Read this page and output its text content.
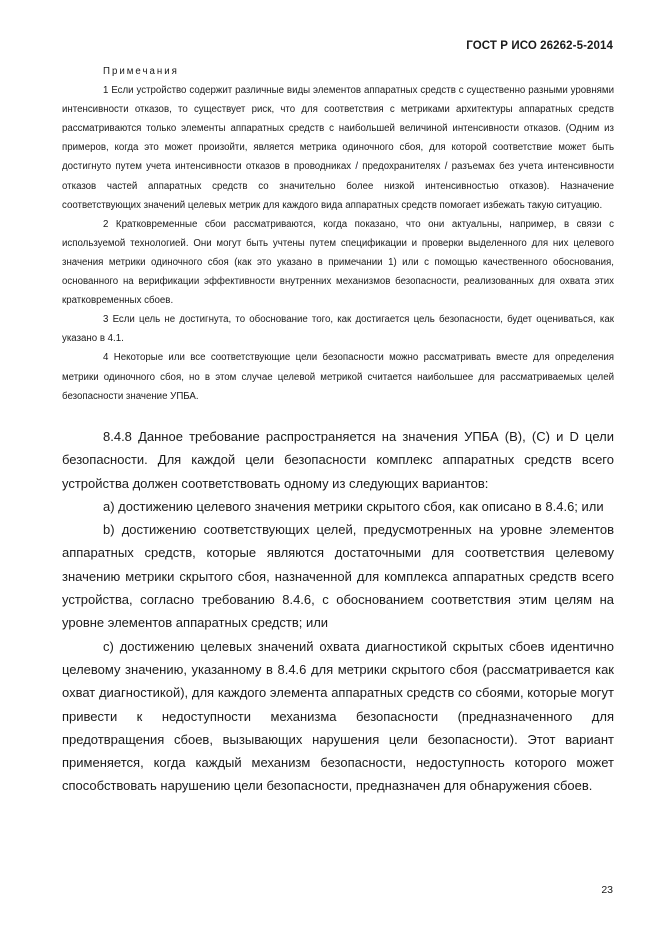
ГОСТ Р ИСО 26262-5-2014

Примечания

1 Если устройство содержит различные виды элементов аппаратных средств с существенно разными уровнями интенсивности отказов, то существует риск, что для соответствия с метриками архитектуры аппаратных средств рассматриваются только элементы аппаратных средств с наибольшей величиной интенсивности отказов. (Одним из примеров, когда это может произойти, является метрика одиночного сбоя, для которой соответствие может быть достигнуто путем учета интенсивности отказов в проводниках / предохранителях / разъемах без учета интенсивности отказов частей аппаратных средств со значительно более низкой интенсивностью отказов). Назначение соответствующих значений целевых метрик для каждого вида аппаратных средств помогает избежать такую ситуацию.

2 Кратковременные сбои рассматриваются, когда показано, что они актуальны, например, в связи с используемой технологией. Они могут быть учтены путем спецификации и проверки выделенного для них целевого значения метрики одиночного сбоя (как это указано в примечании 1) или с помощью качественного обоснования, основанного на верификации эффективности внутренних механизмов безопасности, реализованных для охвата этих кратковременных сбоев.

3 Если цель не достигнута, то обоснование того, как достигается цель безопасности, будет оцениваться, как указано в 4.1.

4 Некоторые или все соответствующие цели безопасности можно рассматривать вместе для определения метрики одиночного сбоя, но в этом случае целевой метрикой считается наибольшее для рассматриваемых целей безопасности значение УПБА.

8.4.8 Данное требование распространяется на значения УПБА (B), (C) и D цели безопасности. Для каждой цели безопасности комплекс аппаратных средств всего устройства должен соответствовать одному из следующих вариантов:

a) достижению целевого значения метрики скрытого сбоя, как описано в 8.4.6; или

b) достижению соответствующих целей, предусмотренных на уровне элементов аппаратных средств, которые являются достаточными для соответствия целевому значению метрики скрытого сбоя, назначенной для комплекса аппаратных средств всего устройства, согласно требованию 8.4.6, с обоснованием соответствия этим целям на уровне элементов аппаратных средств; или

c) достижению целевых значений охвата диагностикой скрытых сбоев идентично целевому значению, указанному в 8.4.6 для метрики скрытого сбоя (рассматривается как охват диагностикой), для каждого элемента аппаратных средств со сбоями, которые могут привести к недоступности механизма безопасности (предназначенного для предотвращения сбоев, вызывающих нарушения цели безопасности). Этот вариант применяется, когда каждый механизм безопасности, недоступность которого может способствовать нарушению цели безопасности, предназначен для обнаружения сбоев.

23
